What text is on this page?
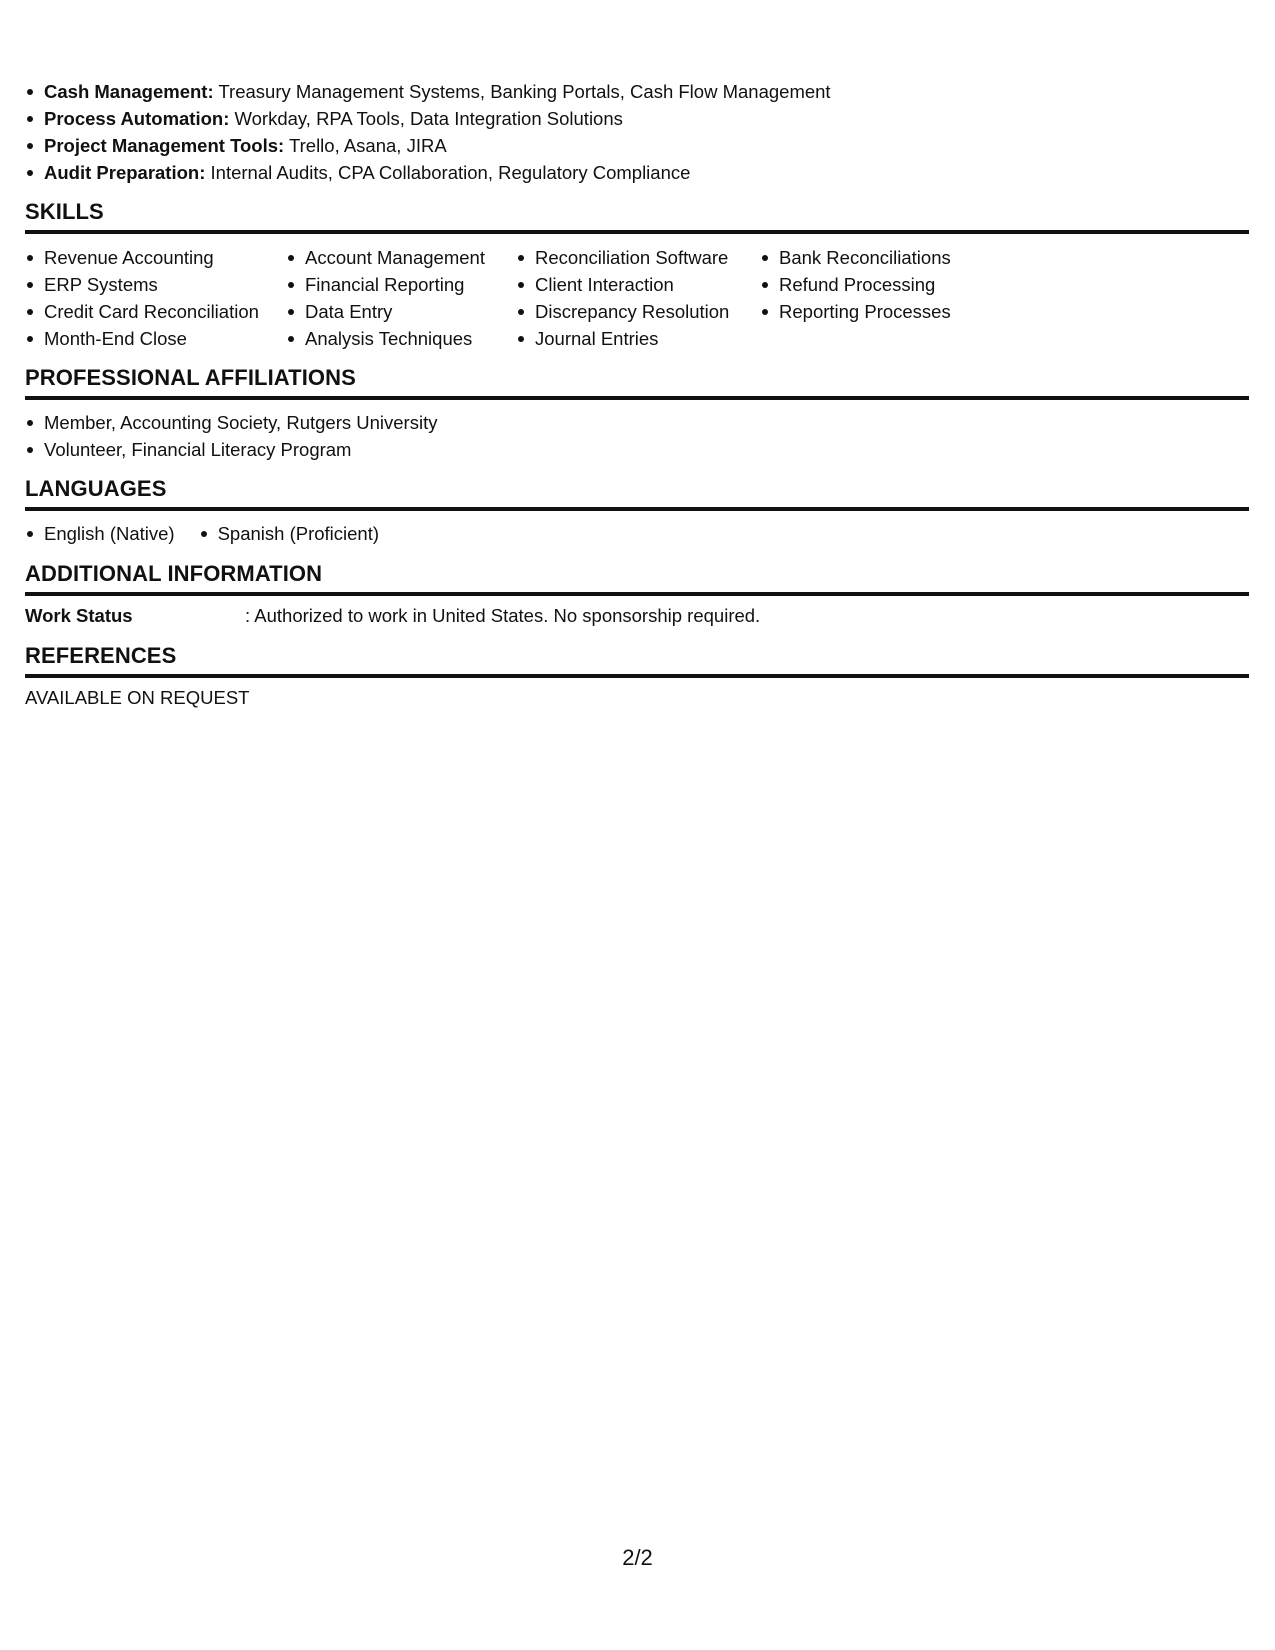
Cash Management: Treasury Management Systems, Banking Portals, Cash Flow Management
Process Automation: Workday, RPA Tools, Data Integration Solutions
Project Management Tools: Trello, Asana, JIRA
Audit Preparation: Internal Audits, CPA Collaboration, Regulatory Compliance
SKILLS
Revenue Accounting
ERP Systems
Credit Card Reconciliation
Month-End Close
Account Management
Financial Reporting
Data Entry
Analysis Techniques
Reconciliation Software
Client Interaction
Discrepancy Resolution
Journal Entries
Bank Reconciliations
Refund Processing
Reporting Processes
PROFESSIONAL AFFILIATIONS
Member, Accounting Society, Rutgers University
Volunteer, Financial Literacy Program
LANGUAGES
English (Native)	Spanish (Proficient)
ADDITIONAL INFORMATION
Work Status	: Authorized to work in United States. No sponsorship required.
REFERENCES
AVAILABLE ON REQUEST
2/2
